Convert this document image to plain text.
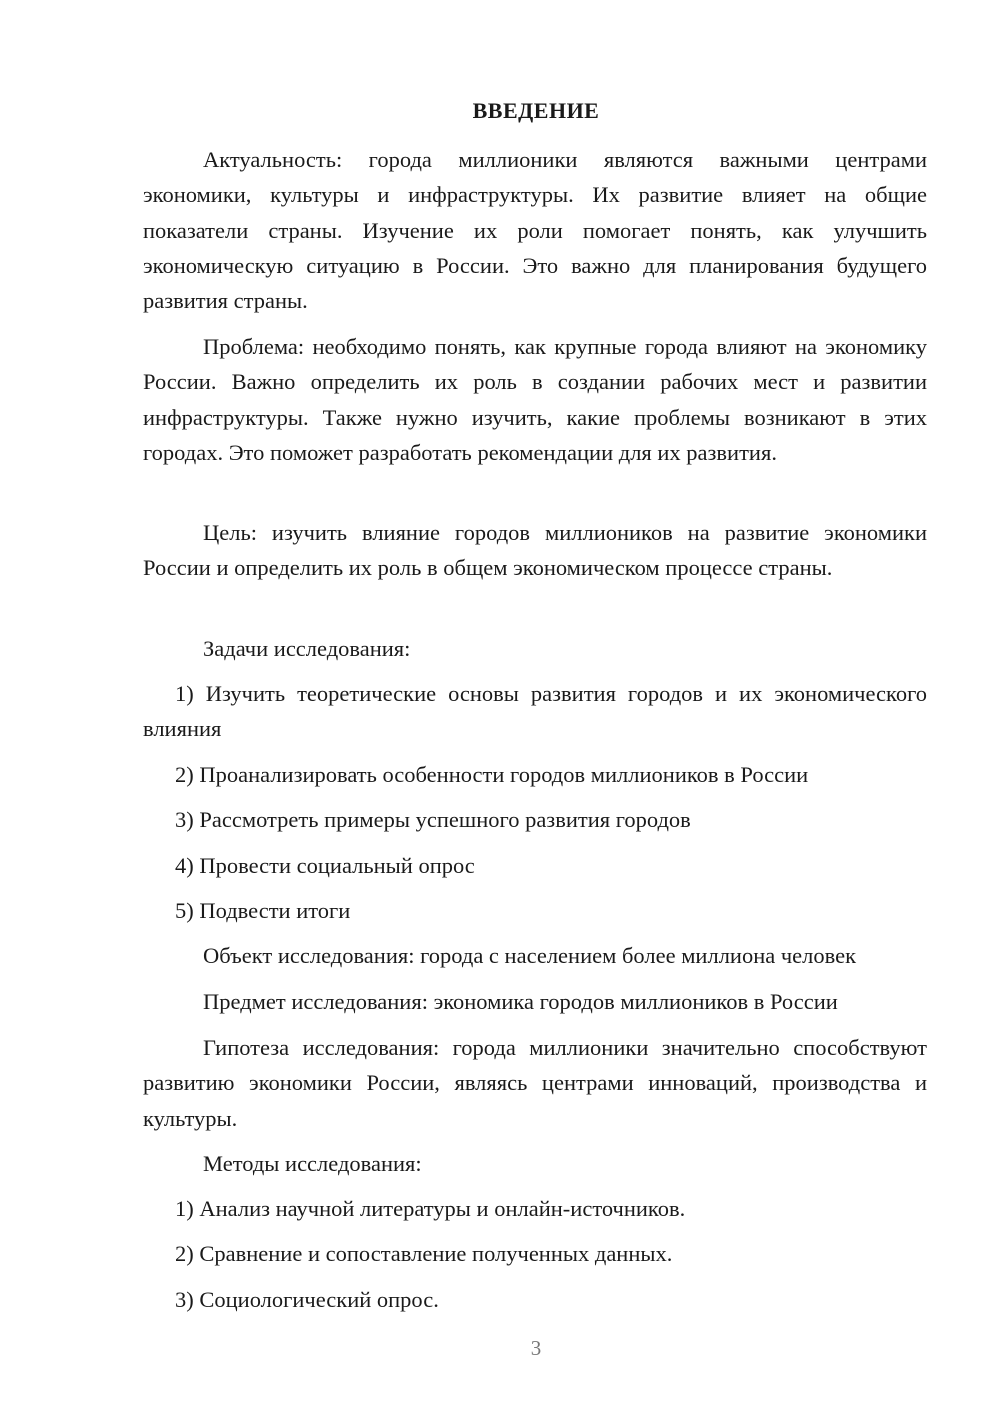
ВВЕДЕНИЕ

Актуальность: города миллионики являются важными центрами экономики, культуры и инфраструктуры. Их развитие влияет на общие показатели страны. Изучение их роли помогает понять, как улучшить экономическую ситуацию в России. Это важно для планирования будущего развития страны.

Проблема: необходимо понять, как крупные города влияют на экономику России. Важно определить их роль в создании рабочих мест и развитии инфраструктуры. Также нужно изучить, какие проблемы возникают в этих городах. Это поможет разработать рекомендации для их развития.

Цель: изучить влияние городов миллиоников на развитие экономики России и определить их роль в общем экономическом процессе страны.

Задачи исследования:

1) Изучить теоретические основы развития городов и их экономического влияния

2) Проанализировать особенности городов миллиоников в России

3) Рассмотреть примеры успешного развития городов

4) Провести социальный опрос

5) Подвести итоги

Объект исследования: города с населением более миллиона человек

Предмет исследования: экономика городов миллиоников в России

Гипотеза исследования: города миллионики значительно способствуют развитию экономики России, являясь центрами инноваций, производства и культуры.

Методы исследования:

1) Анализ научной литературы и онлайн-источников.

2) Сравнение и сопоставление полученных данных.

3) Социологический опрос.

3
